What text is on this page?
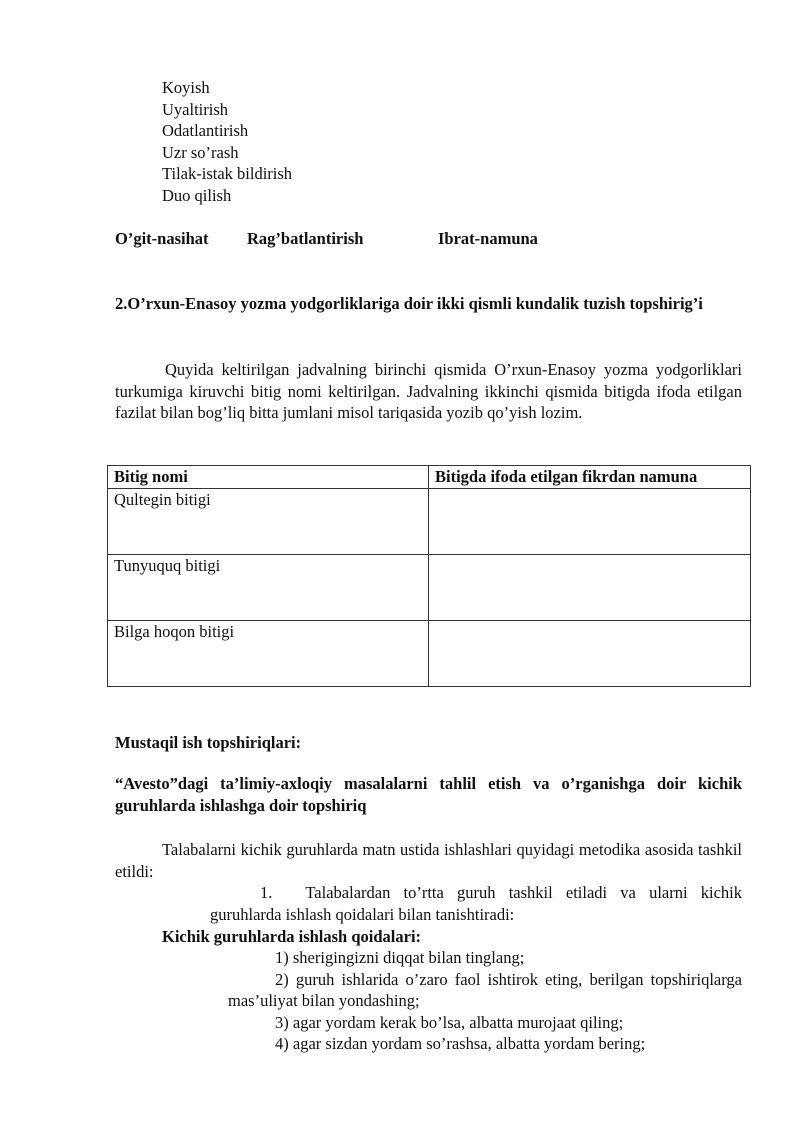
Koyish
Uyaltirish
Odatlantirish
Uzr so’rash
Tilak-istak bildirish
Duo qilish
O’git-nasihat Rag’batlantirish	Ibrat-namuna
2.O’rxun-Enasoy yozma yodgorliklariga doir ikki qismli kundalik tuzish topshirig’i
Quyida keltirilgan jadvalning birinchi qismida O’rxun-Enasoy yozma yodgorliklari turkumiga kiruvchi bitig nomi keltirilgan. Jadvalning ikkinchi qismida bitigda ifoda etilgan fazilat bilan bog’liq bitta jumlani misol tariqasida yozib qo’yish lozim.
Bitig nomi	Bitigda ifoda etilgan fikrdan namuna
Qultegin bitigi	
Tunyuquq bitigi	
Bilga hoqon bitigi	
Mustaqil ish topshiriqlari:
“Avesto”dagi ta’limiy-axloqiy masalalarni tahlil etish va o’rganishga doir kichik guruhlarda ishlashga doir topshiriq
Talabalarni kichik guruhlarda matn ustida ishlashlari quyidagi metodika asosida tashkil etildi:
1. Talabalardan to’rtta guruh tashkil etiladi va ularni kichik guruhlarda ishlash qoidalari bilan tanishtiradi:
Kichik guruhlarda ishlash qoidalari:
1) sherigingizni diqqat bilan tinglang;
2) guruh ishlarida o’zaro faol ishtirok eting, berilgan topshiriqlarga mas’uliyat bilan yondashing;
3) agar yordam kerak bo’lsa, albatta murojaat qiling;
4) agar sizdan yordam so’rashsa, albatta yordam bering;
